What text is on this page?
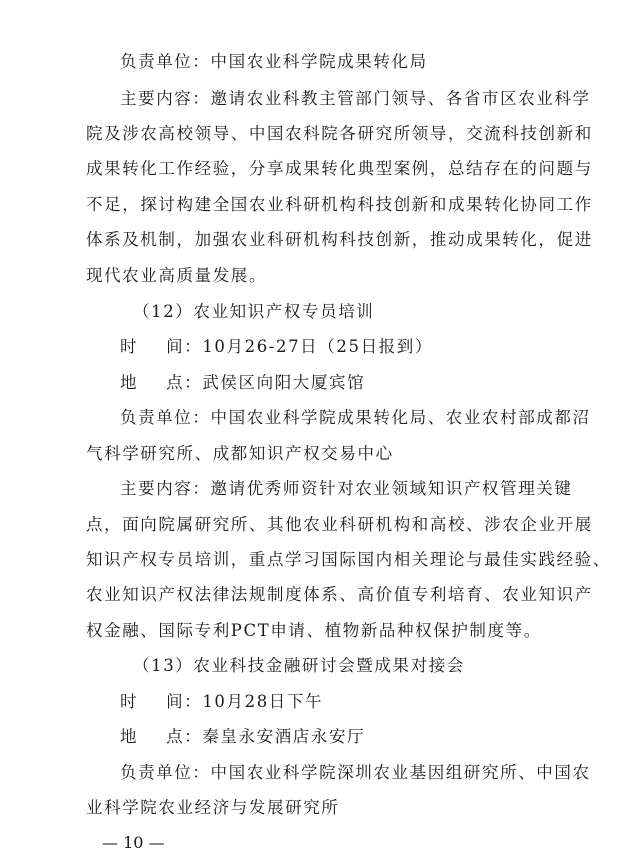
负责单位：中国农业科学院成果转化局
主要内容：邀请农业科教主管部门领导、各省市区农业科学
院及涉农高校领导、中国农科院各研究所领导，交流科技创新和
成果转化工作经验，分享成果转化典型案例，总结存在的问题与
不足，探讨构建全国农业科研机构科技创新和成果转化协同工作
体系及机制，加强农业科研机构科技创新，推动成果转化，促进
现代农业高质量发展。
（12）农业知识产权专员培训
时 间：10月26-27日（25日报到）
地 点：武侯区向阳大厦宾馆
负责单位：中国农业科学院成果转化局、农业农村部成都沼
气科学研究所、成都知识产权交易中心
主要内容：邀请优秀师资针对农业领域知识产权管理关键
点，面向院属研究所、其他农业科研机构和高校、涉农企业开展
知识产权专员培训，重点学习国际国内相关理论与最佳实践经验、
农业知识产权法律法规制度体系、高价值专利培育、农业知识产
权金融、国际专利PCT申请、植物新品种权保护制度等。
（13）农业科技金融研讨会暨成果对接会
时 间：10月28日下午
地 点：秦皇永安酒店永安厅
负责单位：中国农业科学院深圳农业基因组研究所、中国农
业科学院农业经济与发展研究所
— 10 —
